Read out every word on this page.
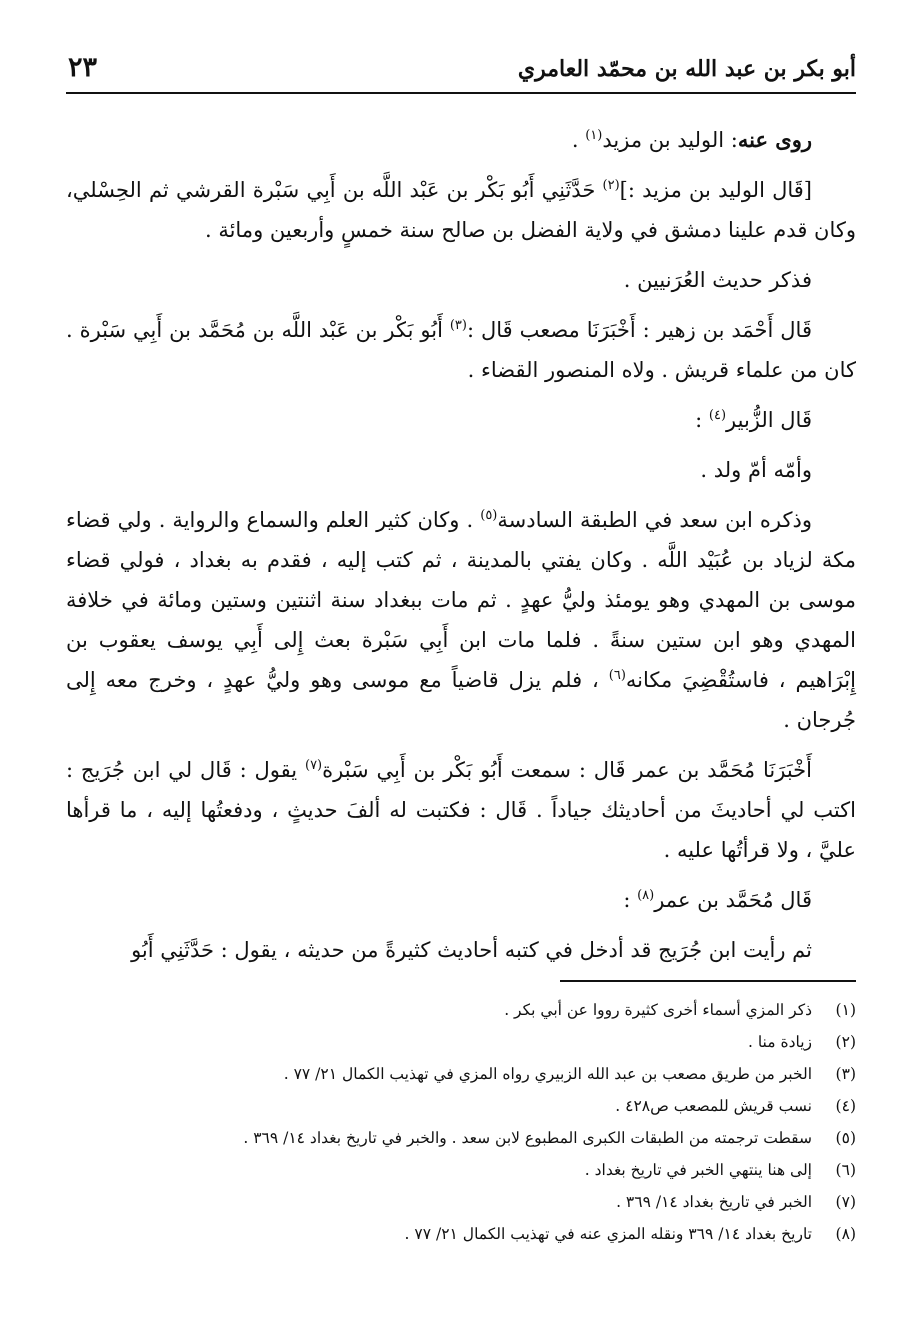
أبو بكر بن عبد الله بن محمّد العامري
٢٣

روى عنه: الوليد بن مزيد$^{(١)}$ .

[قَال الوليد بن مزيد :]$^{(٢)}$ حَدَّثَنِي أَبُو بَكْر بن عَبْد اللَّه بن أَبِي سَبْرة القرشي ثم الحِسْلي، وكان قدم علينا دمشق في ولاية الفضل بن صالح سنة خمسٍ وأربعين ومائة .

فذكر حديث العُرَنيين .

قَال أَحْمَد بن زهير : أَخْبَرَنَا مصعب قَال :$^{(٣)}$ أَبُو بَكْر بن عَبْد اللَّه بن مُحَمَّد بن أَبِي سَبْرة . كان من علماء قريش . ولاه المنصور القضاء .

قَال الزُّبير$^{(٤)}$ :

وأمّه أمّ ولد .

وذكره ابن سعد في الطبقة السادسة$^{(٥)}$ . وكان كثير العلم والسماع والرواية . ولي قضاء مكة لزياد بن عُبَيْد اللَّه . وكان يفتي بالمدينة ، ثم كتب إليه ، فقدم به بغداد ، فولي قضاء موسى بن المهدي وهو يومئذ وليُّ عهدٍ . ثم مات ببغداد سنة اثنتين وستين ومائة في خلافة المهدي وهو ابن ستين سنةً . فلما مات ابن أَبِي سَبْرة بعث إِلى أَبِي يوسف يعقوب بن إِبْرَاهيم ، فاستُقْضِيَ مكانه$^{(٦)}$ ، فلم يزل قاضياً مع موسى وهو وليُّ عهدٍ ، وخرج معه إِلى جُرجان .

أَخْبَرَنَا مُحَمَّد بن عمر قَال : سمعت أَبُو بَكْر بن أَبِي سَبْرة$^{(٧)}$ يقول : قَال لي ابن جُرَيج : اكتب لي أحاديثَ من أحاديثك جياداً . قَال : فكتبت له ألفَ حديثٍ ، ودفعتُها إليه ، ما قرأها عليَّ ، ولا قرأتُها عليه .

قَال مُحَمَّد بن عمر$^{(٨)}$ :

ثم رأيت ابن جُرَيج قد أدخل في كتبه أحاديث كثيرةً من حديثه ، يقول : حَدَّثَنِي أَبُو

(١)
ذكر المزي أسماء أخرى كثيرة رووا عن أبي بكر .
(٢)
زيادة منا .
(٣)
الخبر من طريق مصعب بن عبد الله الزبيري رواه المزي في تهذيب الكمال ٢١/ ٧٧ .
(٤)
نسب قريش للمصعب ص٤٢٨ .
(٥)
سقطت ترجمته من الطبقات الكبرى المطبوع لابن سعد . والخبر في تاريخ بغداد ١٤/ ٣٦٩ .
(٦)
إلى هنا ينتهي الخبر في تاريخ بغداد .
(٧)
الخبر في تاريخ بغداد ١٤/ ٣٦٩ .
(٨)
تاريخ بغداد ١٤/ ٣٦٩ ونقله المزي عنه في تهذيب الكمال ٢١/ ٧٧ .
